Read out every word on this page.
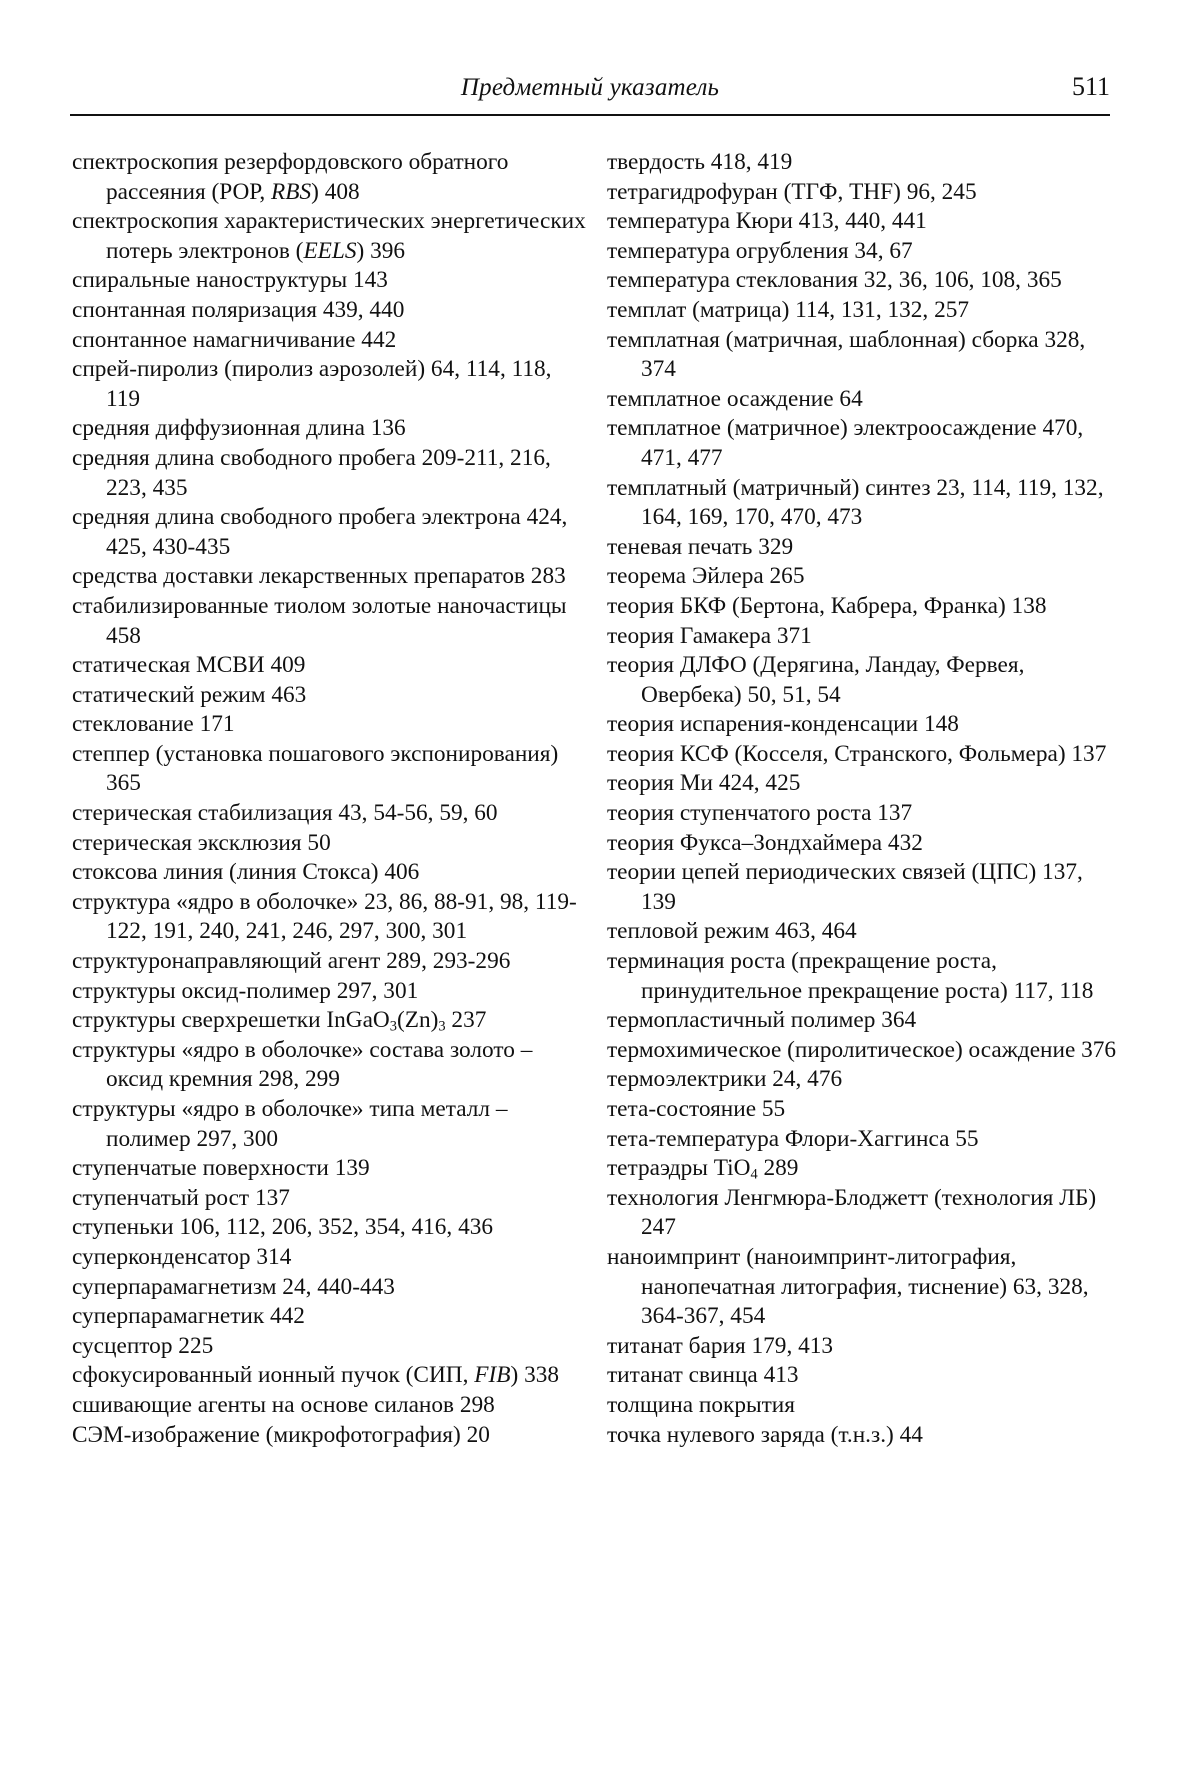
Предметный указатель	511

спектроскопия резерфордовского обратного рассеяния (РОР, RBS) 408

спектроскопия характеристических энергетических потерь электронов (EELS) 396

спиральные наноструктуры 143

спонтанная поляризация 439, 440

спонтанное намагничивание 442

спрей-пиролиз (пиролиз аэрозолей) 64, 114, 118, 119

средняя диффузионная длина 136

средняя длина свободного пробега 209-211, 216, 223, 435

средняя длина свободного пробега электрона 424, 425, 430-435

средства доставки лекарственных препаратов 283

стабилизированные тиолом золотые наночастицы 458

статическая МСВИ 409

статический режим 463

стеклование 171

степпер (установка пошагового экспонирования) 365

стерическая стабилизация 43, 54-56, 59, 60

стерическая эксклюзия 50

стоксова линия (линия Стокса) 406

структура «ядро в оболочке» 23, 86, 88-91, 98, 119-122, 191, 240, 241, 246, 297, 300, 301

структуронаправляющий агент 289, 293-296

структуры оксид-полимер 297, 301

структуры сверхрешетки $InGaO_3(Zn)_3$ 237

структуры «ядро в оболочке» состава золото – оксид кремния 298, 299

структуры «ядро в оболочке» типа металл – полимер 297, 300

ступенчатые поверхности 139

ступенчатый рост 137

ступеньки 106, 112, 206, 352, 354, 416, 436

суперконденсатор 314

суперпарамагнетизм 24, 440-443

суперпарамагнетик 442

сусцептор 225

сфокусированный ионный пучок (СИП, FIB) 338

сшивающие агенты на основе силанов 298

СЭМ-изображение (микрофотография) 20

твердость 418, 419

тетрагидрофуран (ТГФ, THF) 96, 245

температура Кюри 413, 440, 441

температура огрубления 34, 67

температура стеклования 32, 36, 106, 108, 365

темплат (матрица) 114, 131, 132, 257

темплатная (матричная, шаблонная) сборка 328, 374

темплатное осаждение 64

темплатное (матричное) электроосаждение 470, 471, 477

темплатный (матричный) синтез 23, 114, 119, 132, 164, 169, 170, 470, 473

теневая печать 329

теорема Эйлера 265

теория БКФ (Бертона, Кабрера, Франка) 138

теория Гамакера 371

теория ДЛФО (Дерягина, Ландау, Фервея, Овербека) 50, 51, 54

теория испарения-конденсации 148

теория КСФ (Косселя, Странского, Фольмера) 137

теория Ми 424, 425

теория ступенчатого роста 137

теория Фукса–Зондхаймера 432

теории цепей периодических связей (ЦПС) 137, 139

тепловой режим 463, 464

терминация роста (прекращение роста, принудительное прекращение роста) 117, 118

термопластичный полимер 364

термохимическое (пиролитическое) осаждение 376

термоэлектрики 24, 476

тета-состояние 55

тета-температура Флори-Хаггинса 55

тетраэдры TiO$_4$ 289

технология Ленгмюра-Блоджетт (технология ЛБ) 247

наноимпринт (наноимпринт-литография, нанопечатная литография, тиснение) 63, 328, 364-367, 454

титанат бария 179, 413

титанат свинца 413

толщина покрытия

точка нулевого заряда (т.н.з.) 44
